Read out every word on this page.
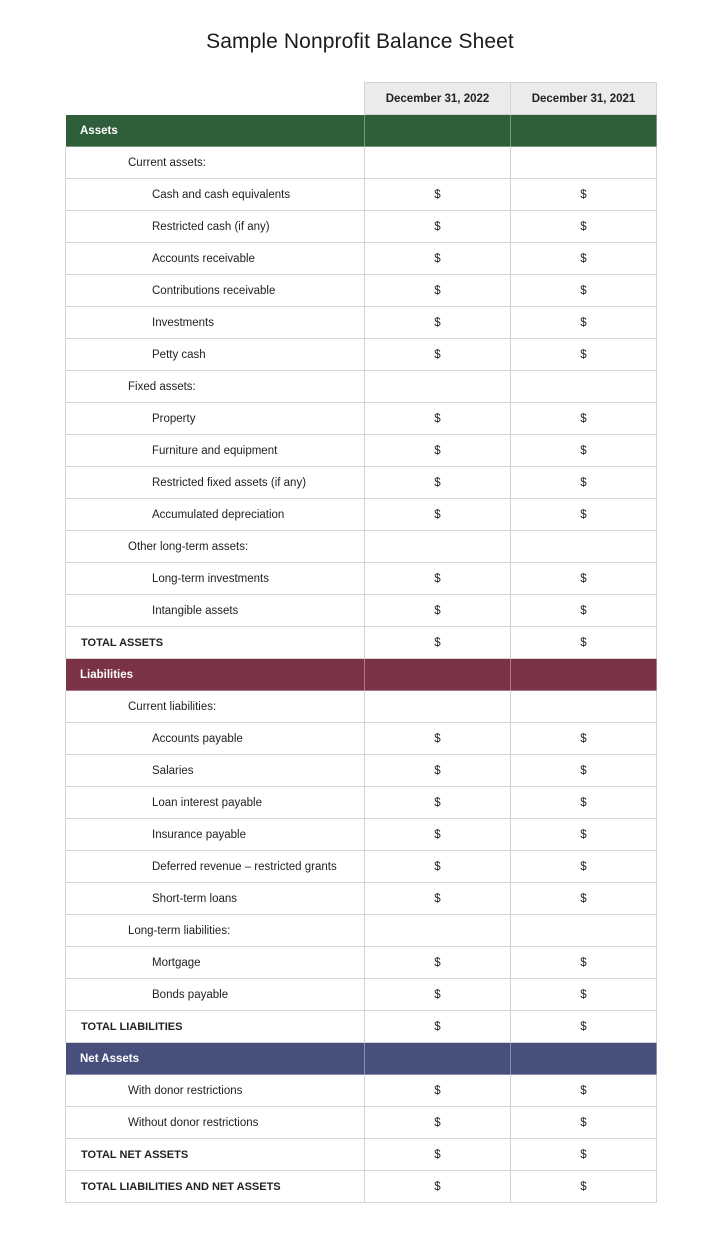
Sample Nonprofit Balance Sheet
	December 31, 2022	December 31, 2021
Assets		
Current assets:		
Cash and cash equivalents	$	$
Restricted cash (if any)	$	$
Accounts receivable	$	$
Contributions receivable	$	$
Investments	$	$
Petty cash	$	$
Fixed assets:		
Property	$	$
Furniture and equipment	$	$
Restricted fixed assets (if any)	$	$
Accumulated depreciation	$	$
Other long-term assets:		
Long-term investments	$	$
Intangible assets	$	$
TOTAL ASSETS	$	$
Liabilities		
Current liabilities:		
Accounts payable	$	$
Salaries	$	$
Loan interest payable	$	$
Insurance payable	$	$
Deferred revenue – restricted grants	$	$
Short-term loans	$	$
Long-term liabilities:		
Mortgage	$	$
Bonds payable	$	$
TOTAL LIABILITIES	$	$
Net Assets		
With donor restrictions	$	$
Without donor restrictions	$	$
TOTAL NET ASSETS	$	$
TOTAL LIABILITIES AND NET ASSETS	$	$
